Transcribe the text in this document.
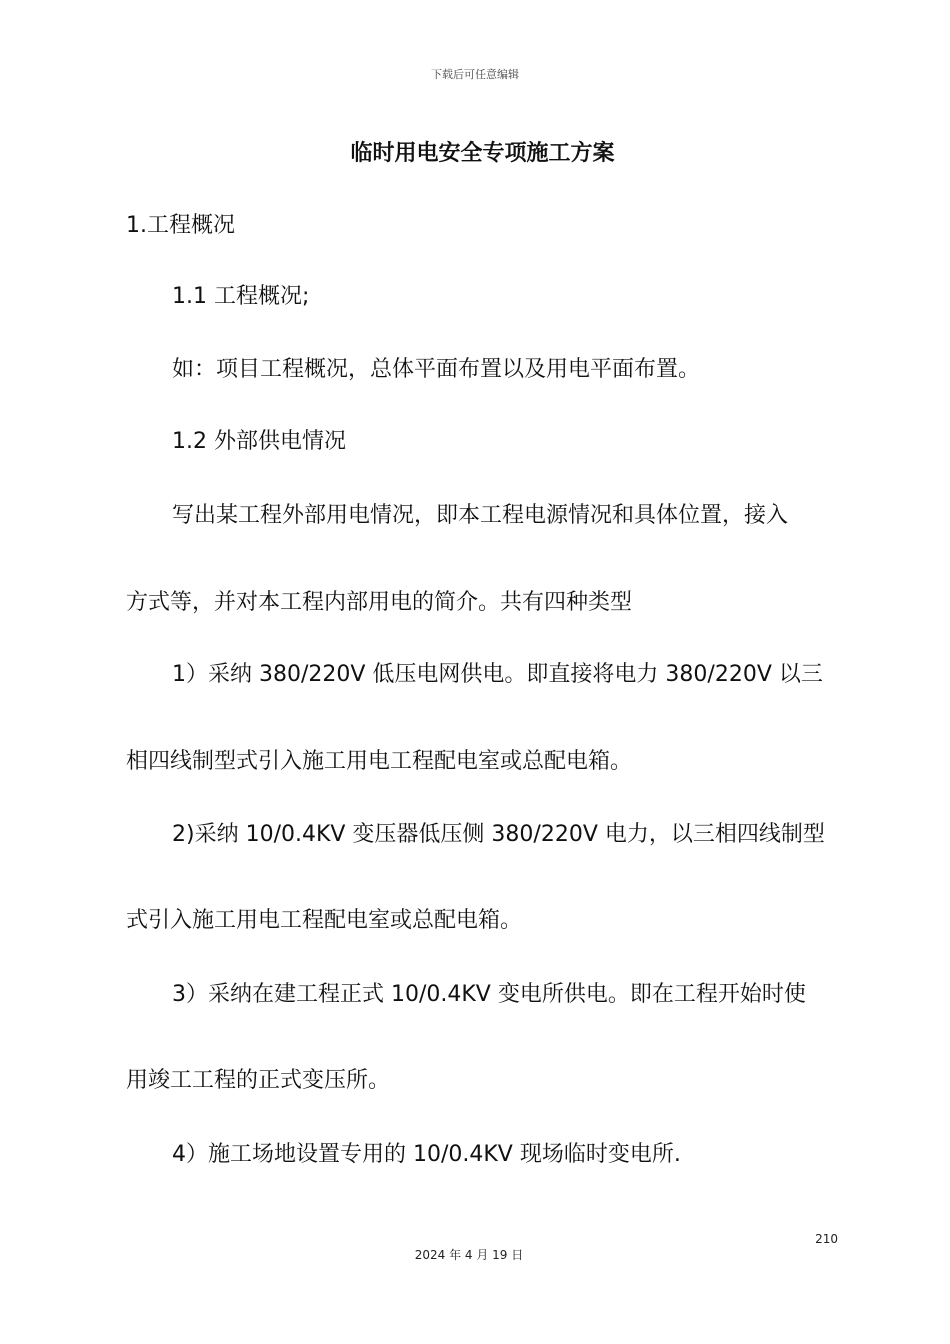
下载后可任意编辑
临时用电安全专项施工方案
1.工程概况
1.1 工程概况;
如：项目工程概况，总体平面布置以及用电平面布置。
1.2 外部供电情况
写出某工程外部用电情况，即本工程电源情况和具体位置，接入
方式等，并对本工程内部用电的简介。共有四种类型
1）采纳 380/220V 低压电网供电。即直接将电力 380/220V 以三
相四线制型式引入施工用电工程配电室或总配电箱。
2)采纳 10/0.4KV 变压器低压侧 380/220V 电力，以三相四线制型
式引入施工用电工程配电室或总配电箱。
3）采纳在建工程正式 10/0.4KV 变电所供电。即在工程开始时使
用竣工工程的正式变压所。
4）施工场地设置专用的 10/0.4KV 现场临时变电所.
210
2024 年 4 月 19 日
